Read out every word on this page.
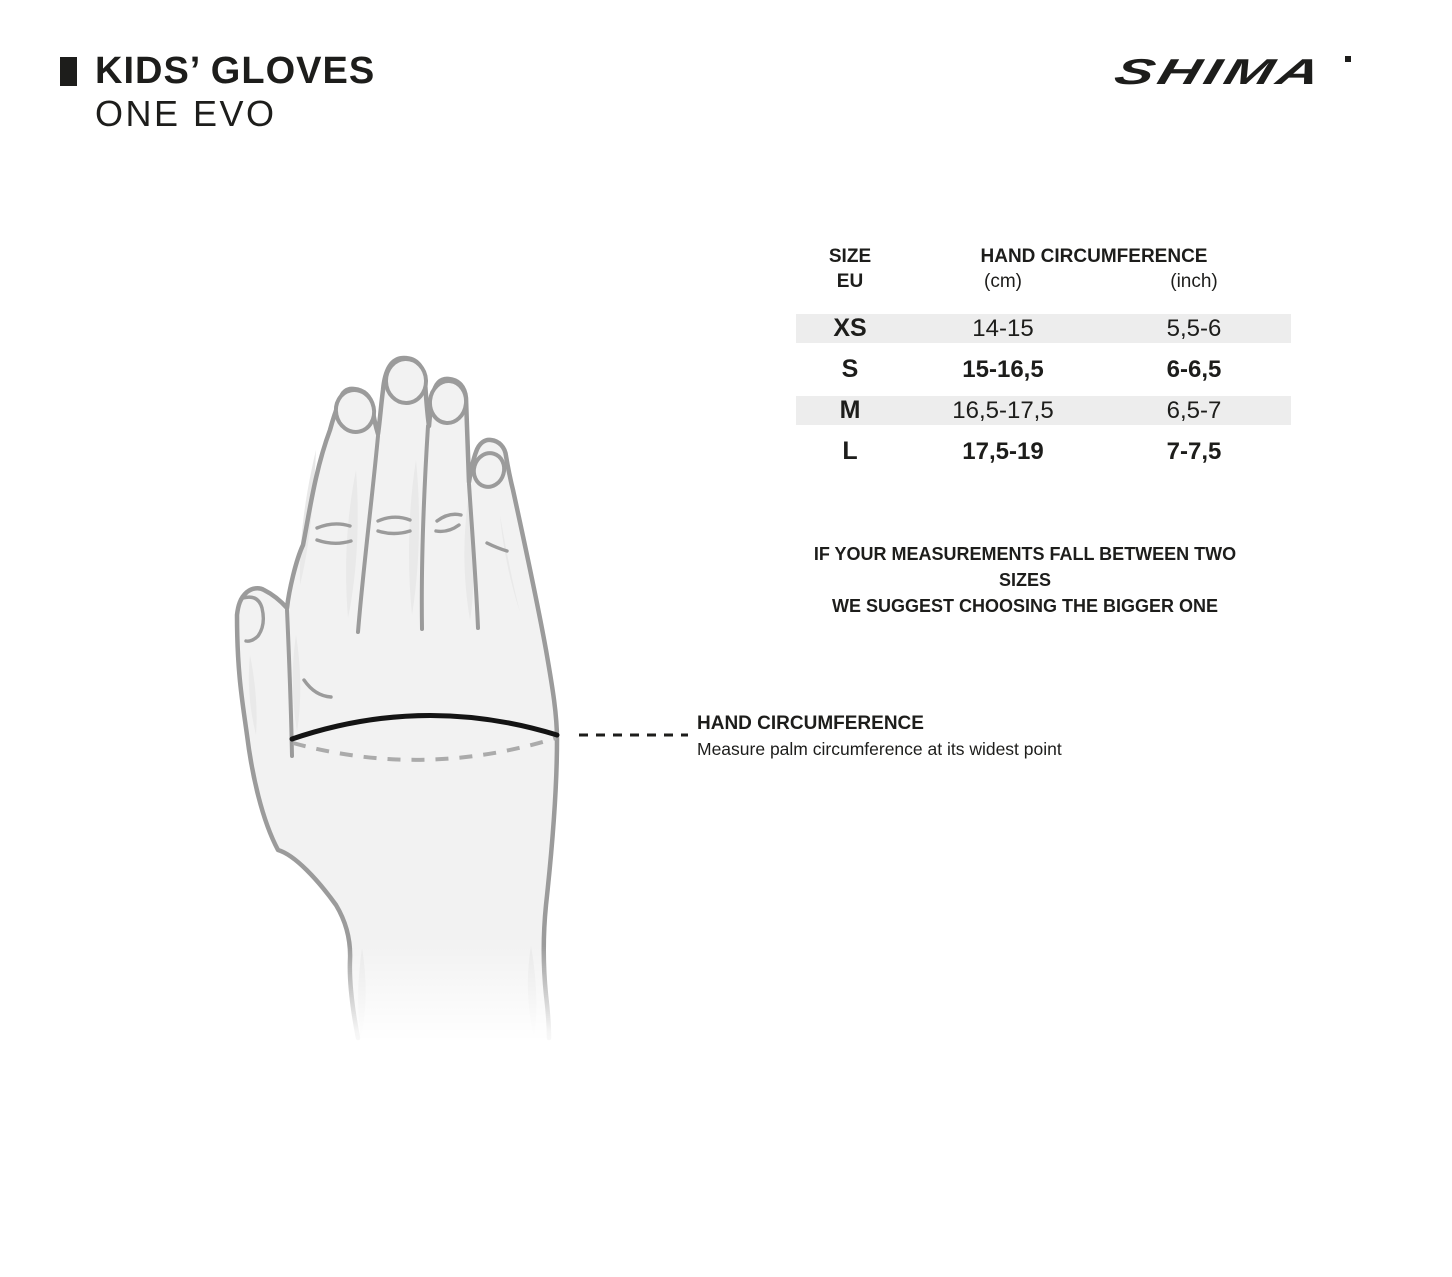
KIDS’ GLOVES
ONE EVO
SHIMA
SIZE	HAND CIRCUMFERENCE
EU	(cm)	(inch)
XS	14-15	5,5-6
S	15-16,5	6-6,5
M	16,5-17,5	6,5-7
L	17,5-19	7-7,5
IF YOUR MEASUREMENTS FALL BETWEEN TWO SIZES
WE SUGGEST CHOOSING THE BIGGER ONE
HAND CIRCUMFERENCE
Measure palm circumference at its widest point
